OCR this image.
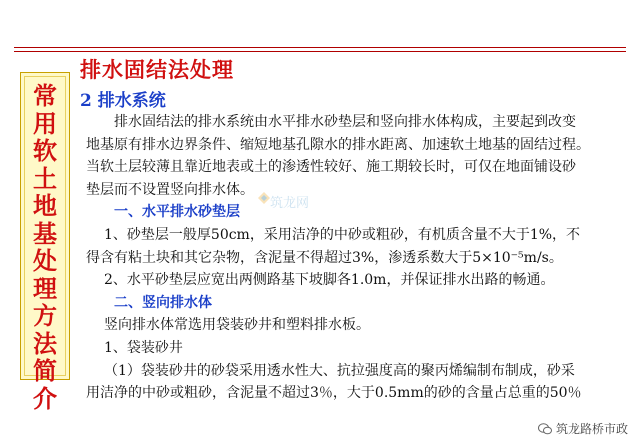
常
用
软
土
地
基
处
理
方
法
简
介
排水固结法处理
2 排水系统
排水固结法的排水系统由水平排水砂垫层和竖向排水体构成，主要起到改变
地基原有排水边界条件、缩短地基孔隙水的排水距离、加速软土地基的固结过程。
当软土层较薄且靠近地表或土的渗透性较好、施工期较长时，可仅在地面铺设砂
垫层而不设置竖向排水体。
一、水平排水砂垫层
1、砂垫层一般厚50cm，采用洁净的中砂或粗砂，有机质含量不大于1%，不
得含有粘土块和其它杂物，含泥量不得超过3%，渗透系数大于5×10⁻⁵m/s。
2、水平砂垫层应宽出两侧路基下坡脚各1.0m，并保证排水出路的畅通。
二、竖向排水体
竖向排水体常选用袋装砂井和塑料排水板。
1、袋装砂井
（1）袋装砂井的砂袋采用透水性大、抗拉强度高的聚丙烯编制布制成，砂采
用洁净的中砂或粗砂，含泥量不超过3％，大于0.5mm的砂的含量占总重的50％
筑龙网
筑龙路桥市政
